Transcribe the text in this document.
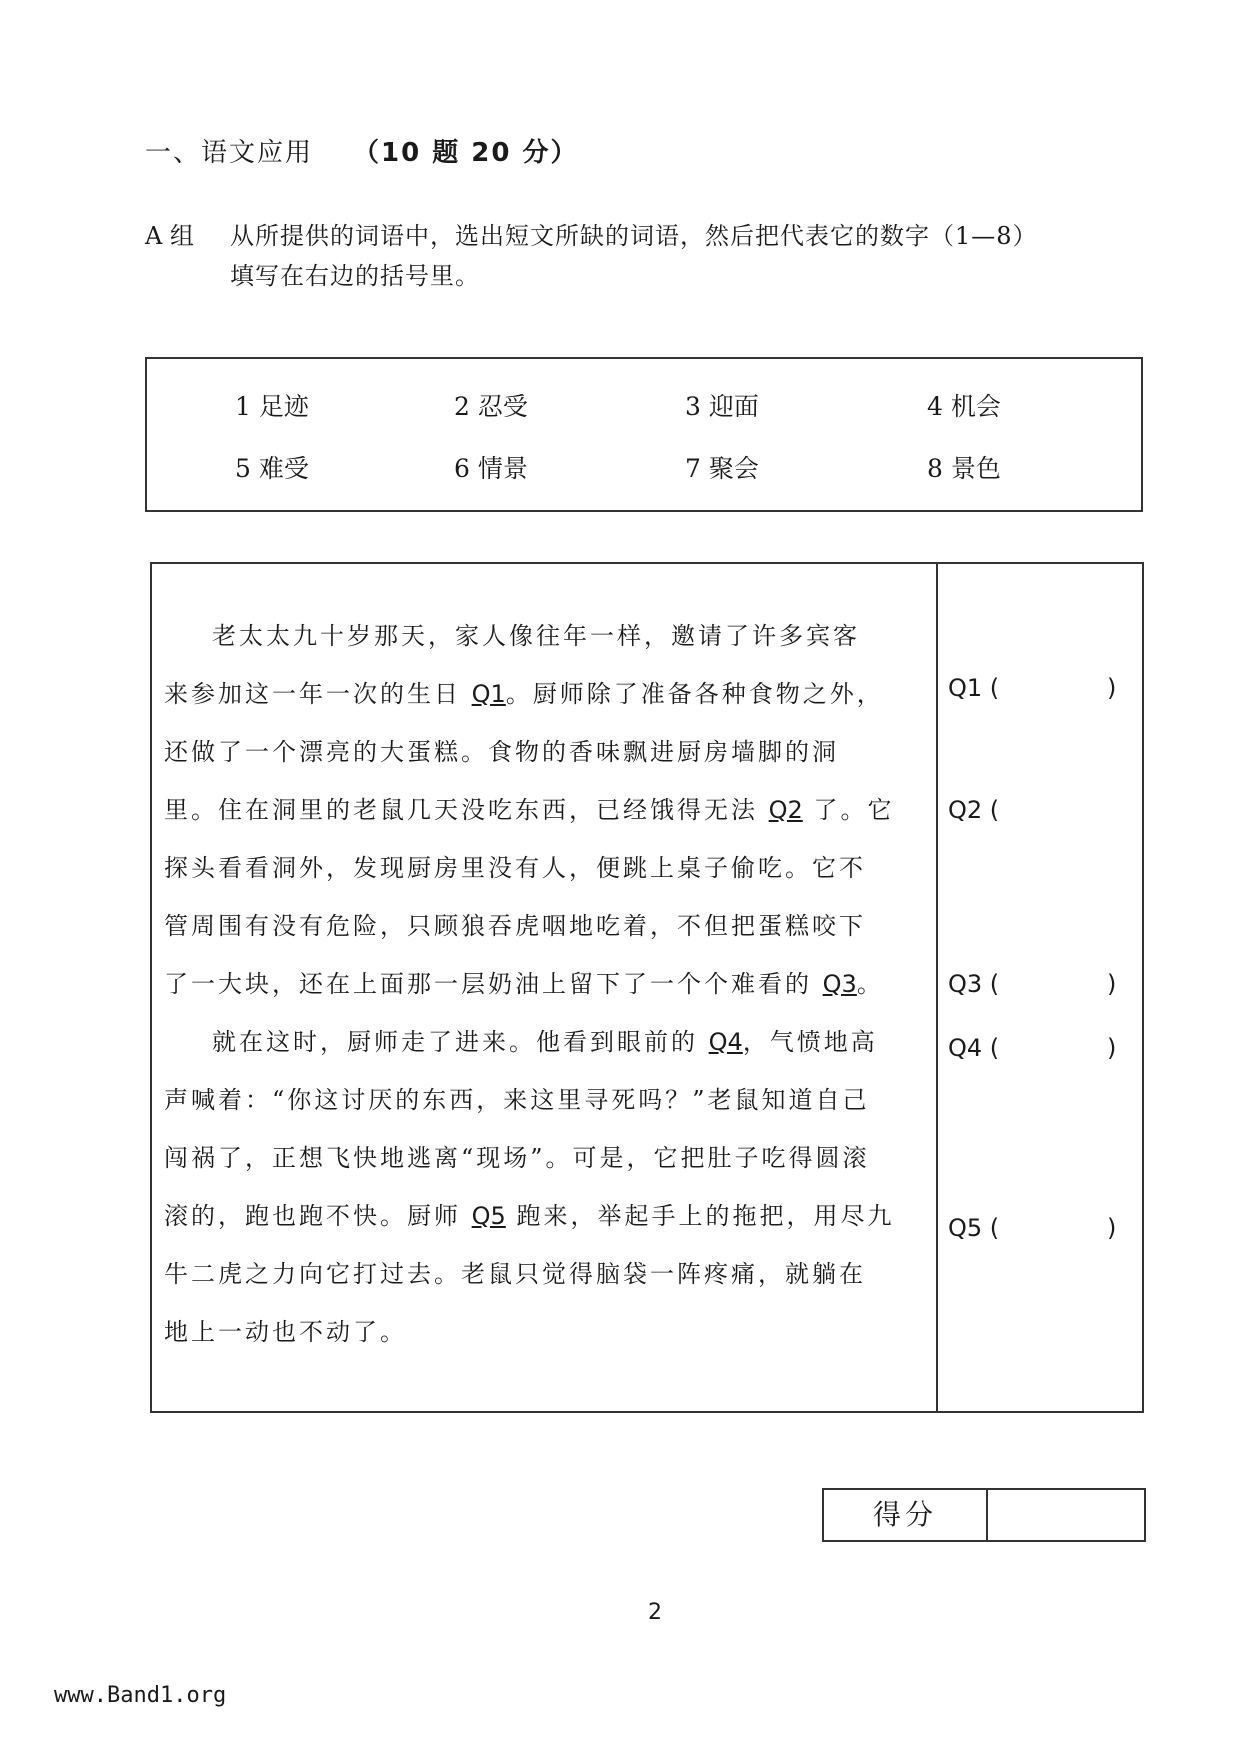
一、语文应用 （10 题 20 分）
A 组 从所提供的词语中，选出短文所缺的词语，然后把代表它的数字（1—8）
填写在右边的括号里。
1 足迹	2 忍受	3 迎面	4 机会
5 难受	6 情景	7 聚会	8 景色
老太太九十岁那天，家人像往年一样，邀请了许多宾客
来参加这一年一次的生日 Q1。厨师除了准备各种食物之外，
还做了一个漂亮的大蛋糕。食物的香味飘进厨房墙脚的洞
里。住在洞里的老鼠几天没吃东西，已经饿得无法 Q2 了。它
探头看看洞外，发现厨房里没有人，便跳上桌子偷吃。它不
管周围有没有危险，只顾狼吞虎咽地吃着，不但把蛋糕咬下
了一大块，还在上面那一层奶油上留下了一个个难看的 Q3。
就在这时，厨师走了进来。他看到眼前的 Q4，气愤地高
声喊着：“你这讨厌的东西，来这里寻死吗？”老鼠知道自己
闯祸了，正想飞快地逃离“现场”。可是，它把肚子吃得圆滚
滚的，跑也跑不快。厨师 Q5 跑来，举起手上的拖把，用尽九
牛二虎之力向它打过去。老鼠只觉得脑袋一阵疼痛，就躺在
地上一动也不动了。
Q1 (	)
Q2 (
Q3 (	)
Q4 (	)
Q5 (	)
得分
2
www.Band1.org
